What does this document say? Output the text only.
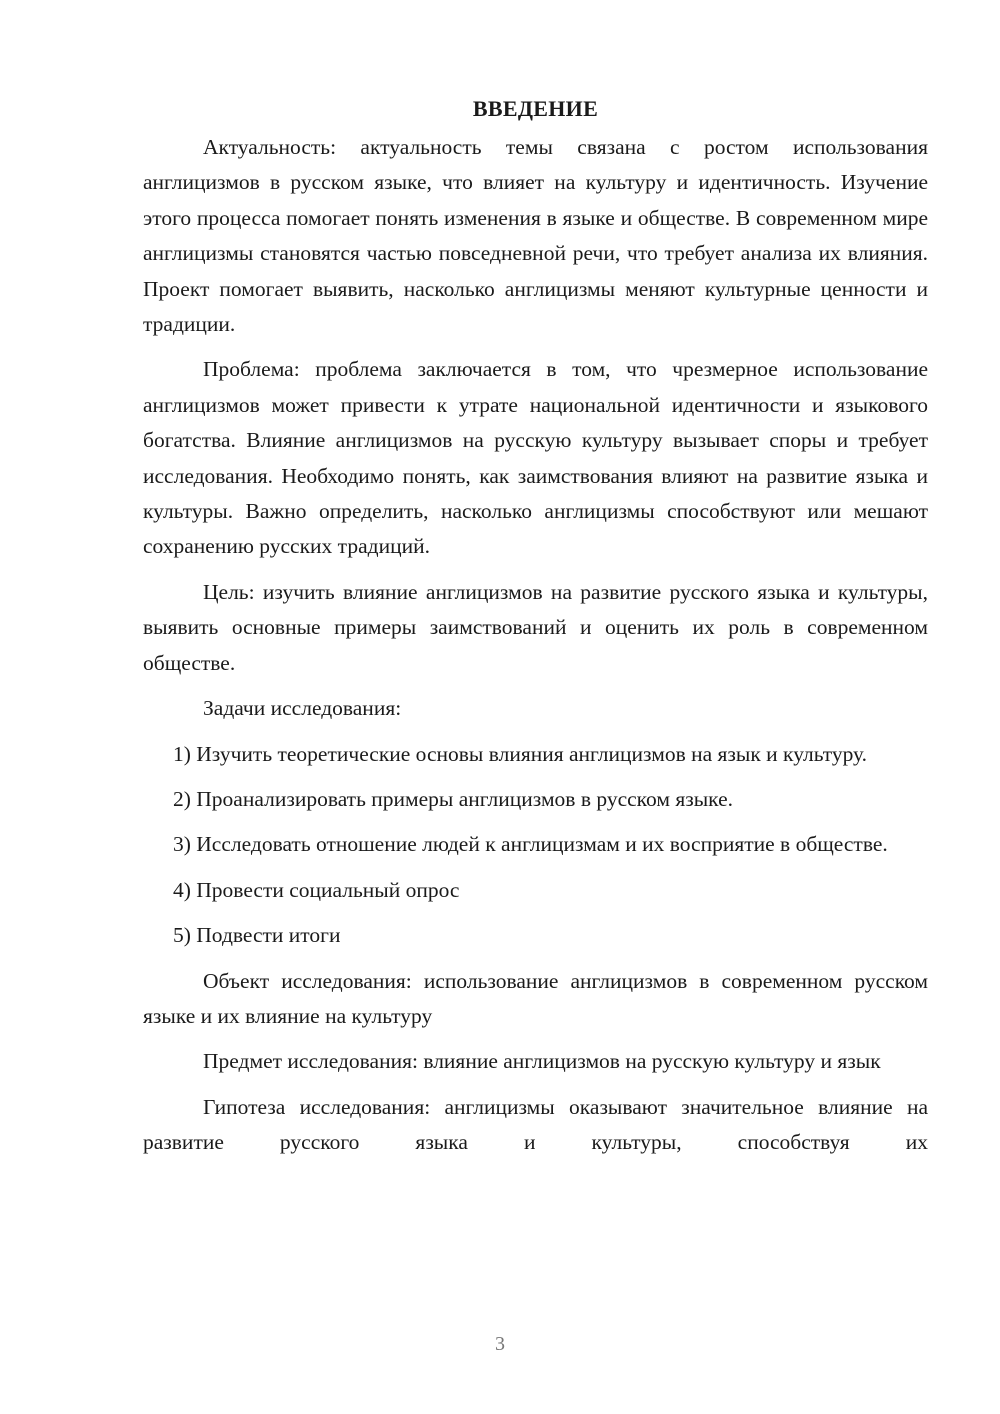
ВВЕДЕНИЕ

Актуальность: актуальность темы связана с ростом использования англицизмов в русском языке, что влияет на культуру и идентичность. Изучение этого процесса помогает понять изменения в языке и обществе. В современном мире англицизмы становятся частью повседневной речи, что требует анализа их влияния. Проект помогает выявить, насколько англицизмы меняют культурные ценности и традиции.

Проблема: проблема заключается в том, что чрезмерное использование англицизмов может привести к утрате национальной идентичности и языкового богатства. Влияние англицизмов на русскую культуру вызывает споры и требует исследования. Необходимо понять, как заимствования влияют на развитие языка и культуры. Важно определить, насколько англицизмы способствуют или мешают сохранению русских традиций.

Цель: изучить влияние англицизмов на развитие русского языка и культуры, выявить основные примеры заимствований и оценить их роль в современном обществе.

Задачи исследования:

1) Изучить теоретические основы влияния англицизмов на язык и культуру.

2) Проанализировать примеры англицизмов в русском языке.

3) Исследовать отношение людей к англицизмам и их восприятие в обществе.

4) Провести социальный опрос

5) Подвести итоги

Объект исследования: использование англицизмов в современном русском языке и их влияние на культуру

Предмет исследования: влияние англицизмов на русскую культуру и язык

Гипотеза исследования: англицизмы оказывают значительное влияние на развитие русского языка и культуры, способствуя их

3
